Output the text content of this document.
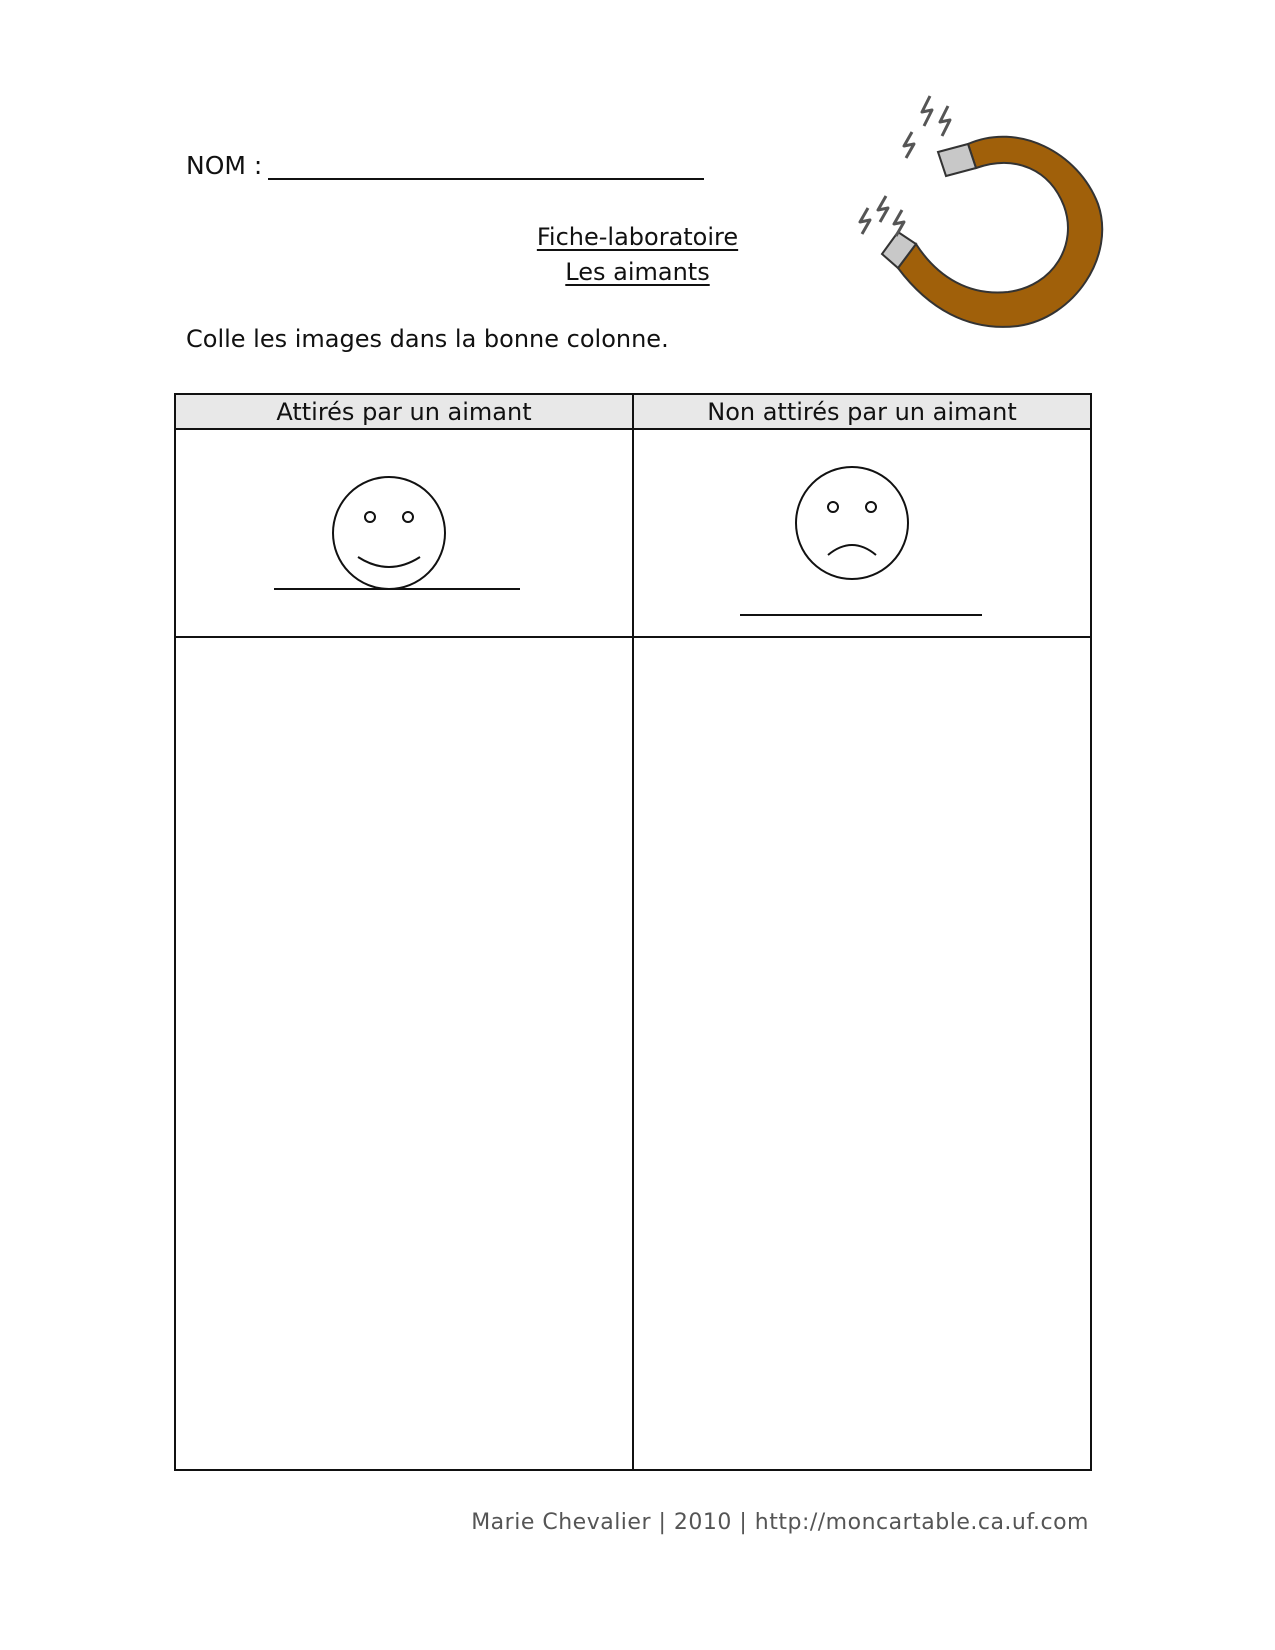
NOM :
Fiche-laboratoire
Les aimants
Colle les images dans la bonne colonne.
Attirés par un aimant	Non attirés par un aimant

Marie Chevalier | 2010 | http://moncartable.ca.uf.com
